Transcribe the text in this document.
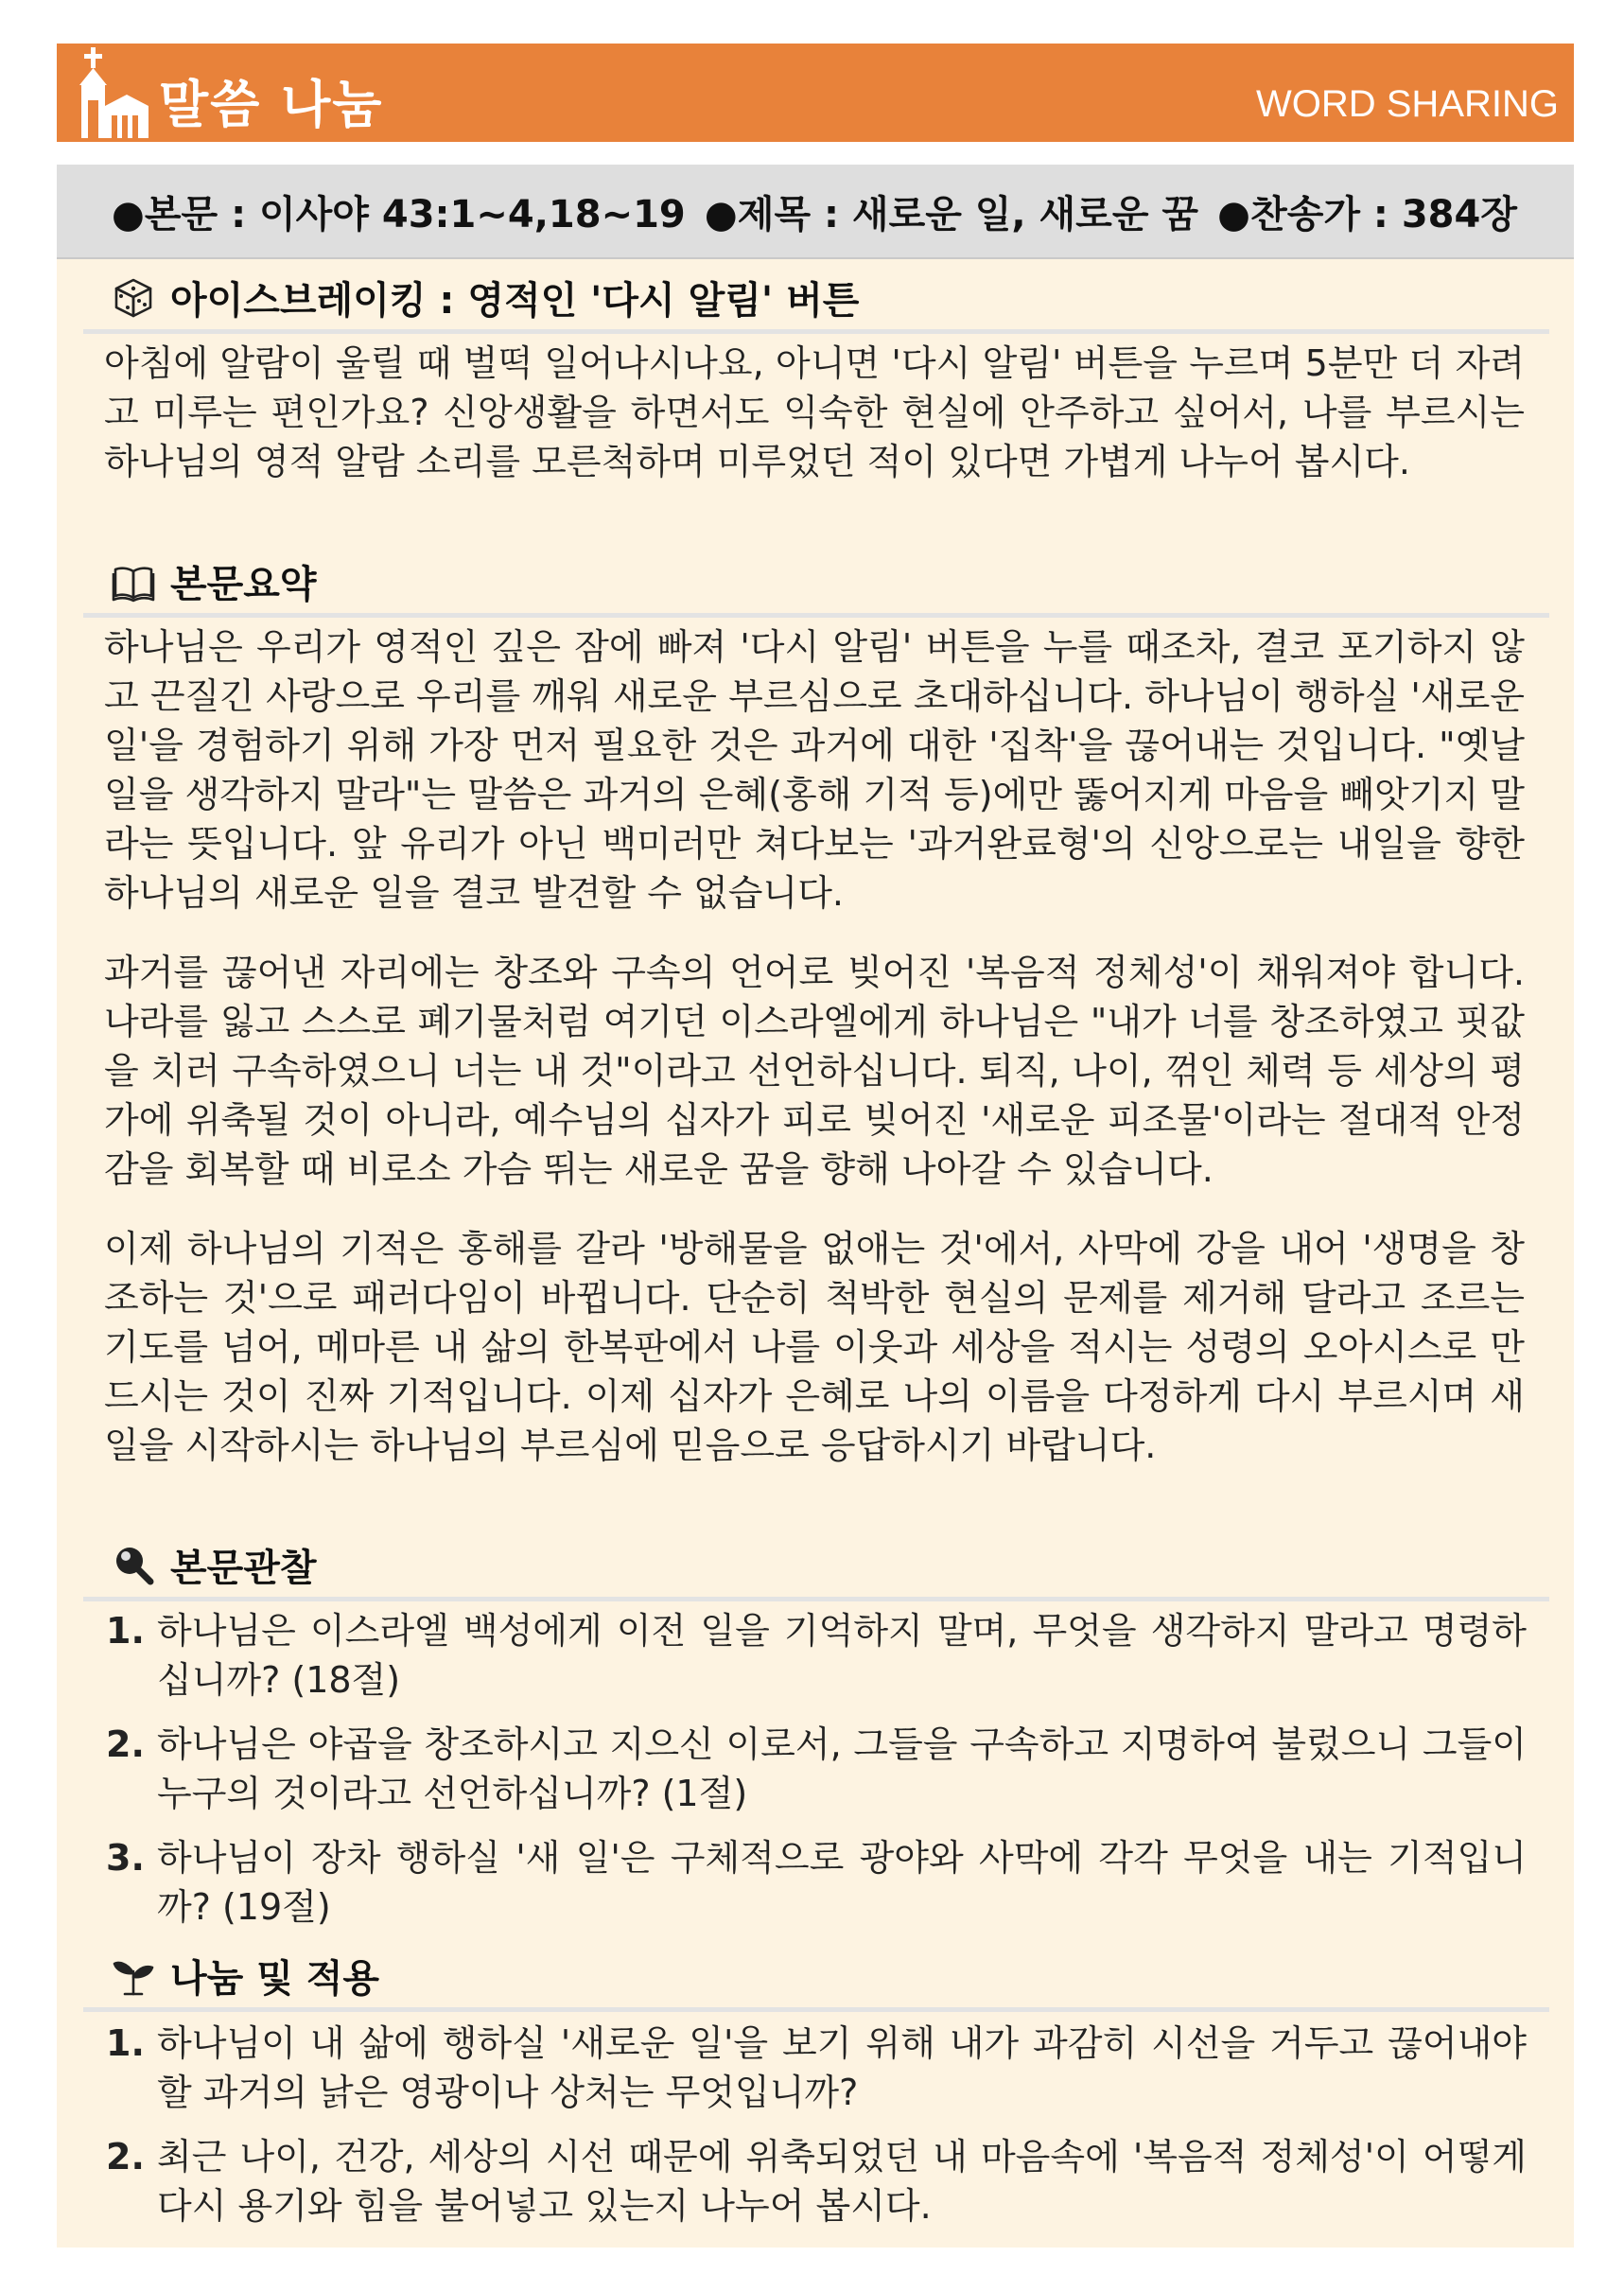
말씀 나눔	WORD SHARING
●본문 : 이사야 43:1~4,18~19 ●제목 : 새로운 일, 새로운 꿈 ●찬송가 : 384장
아이스브레이킹 : 영적인 '다시 알림' 버튼

아침에 알람이 울릴 때 벌떡 일어나시나요, 아니면 '다시 알림' 버튼을 누르며 5분만 더 자려고 미루는 편인가요? 신앙생활을 하면서도 익숙한 현실에 안주하고 싶어서, 나를 부르시는 하나님의 영적 알람 소리를 모른척하며 미루었던 적이 있다면 가볍게 나누어 봅시다.

본문요약

하나님은 우리가 영적인 깊은 잠에 빠져 '다시 알림' 버튼을 누를 때조차, 결코 포기하지 않고 끈질긴 사랑으로 우리를 깨워 새로운 부르심으로 초대하십니다. 하나님이 행하실 '새로운 일'을 경험하기 위해 가장 먼저 필요한 것은 과거에 대한 '집착'을 끊어내는 것입니다. "옛날 일을 생각하지 말라"는 말씀은 과거의 은혜(홍해 기적 등)에만 뚫어지게 마음을 빼앗기지 말라는 뜻입니다. 앞 유리가 아닌 백미러만 쳐다보는 '과거완료형'의 신앙으로는 내일을 향한 하나님의 새로운 일을 결코 발견할 수 없습니다.

과거를 끊어낸 자리에는 창조와 구속의 언어로 빚어진 '복음적 정체성'이 채워져야 합니다. 나라를 잃고 스스로 폐기물처럼 여기던 이스라엘에게 하나님은 "내가 너를 창조하였고 핏값을 치러 구속하였으니 너는 내 것"이라고 선언하십니다. 퇴직, 나이, 꺾인 체력 등 세상의 평가에 위축될 것이 아니라, 예수님의 십자가 피로 빚어진 '새로운 피조물'이라는 절대적 안정감을 회복할 때 비로소 가슴 뛰는 새로운 꿈을 향해 나아갈 수 있습니다.

이제 하나님의 기적은 홍해를 갈라 '방해물을 없애는 것'에서, 사막에 강을 내어 '생명을 창조하는 것'으로 패러다임이 바뀝니다. 단순히 척박한 현실의 문제를 제거해 달라고 조르는 기도를 넘어, 메마른 내 삶의 한복판에서 나를 이웃과 세상을 적시는 성령의 오아시스로 만드시는 것이 진짜 기적입니다. 이제 십자가 은혜로 나의 이름을 다정하게 다시 부르시며 새 일을 시작하시는 하나님의 부르심에 믿음으로 응답하시기 바랍니다.

본문관찰
1. 하나님은 이스라엘 백성에게 이전 일을 기억하지 말며, 무엇을 생각하지 말라고 명령하십니까? (18절)
2. 하나님은 야곱을 창조하시고 지으신 이로서, 그들을 구속하고 지명하여 불렀으니 그들이 누구의 것이라고 선언하십니까? (1절)
3. 하나님이 장차 행하실 '새 일'은 구체적으로 광야와 사막에 각각 무엇을 내는 기적입니까? (19절)
나눔 및 적용
1. 하나님이 내 삶에 행하실 '새로운 일'을 보기 위해 내가 과감히 시선을 거두고 끊어내야 할 과거의 낡은 영광이나 상처는 무엇입니까?
2. 최근 나이, 건강, 세상의 시선 때문에 위축되었던 내 마음속에 '복음적 정체성'이 어떻게 다시 용기와 힘을 불어넣고 있는지 나누어 봅시다.
